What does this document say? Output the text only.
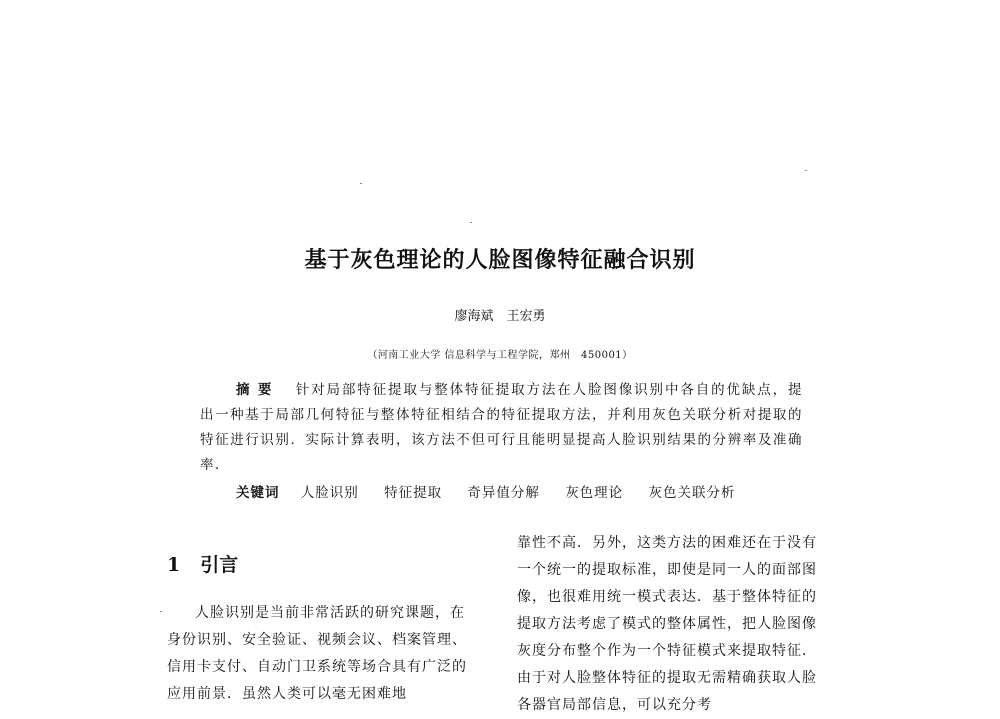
基于灰色理论的人脸图像特征融合识别
廖海斌　王宏勇
（河南工业大学 信息科学与工程学院，郑州　450001）
摘要 针对局部特征提取与整体特征提取方法在人脸图像识别中各自的优缺点，提出一种基于局部几何特征与整体特征相结合的特征提取方法，并利用灰色关联分析对提取的特征进行识别．实际计算表明，该方法不但可行且能明显提高人脸识别结果的分辨率及准确率．
关键词 人脸识别 特征提取 奇异值分解 灰色理论 灰色关联分析
1 引言
人脸识别是当前非常活跃的研究课题，在身份识别、安全验证、视频会议、档案管理、信用卡支付、自动门卫系统等场合具有广泛的应用前景．虽然人类可以毫无困难地
靠性不高．另外，这类方法的困难还在于没有一个统一的提取标准，即使是同一人的面部图像，也很难用统一模式表达．基于整体特征的提取方法考虑了模式的整体属性，把人脸图像灰度分布整个作为一个特征模式来提取特征．由于对人脸整体特征的提取无需精确获取人脸各器官局部信息，可以充分考
